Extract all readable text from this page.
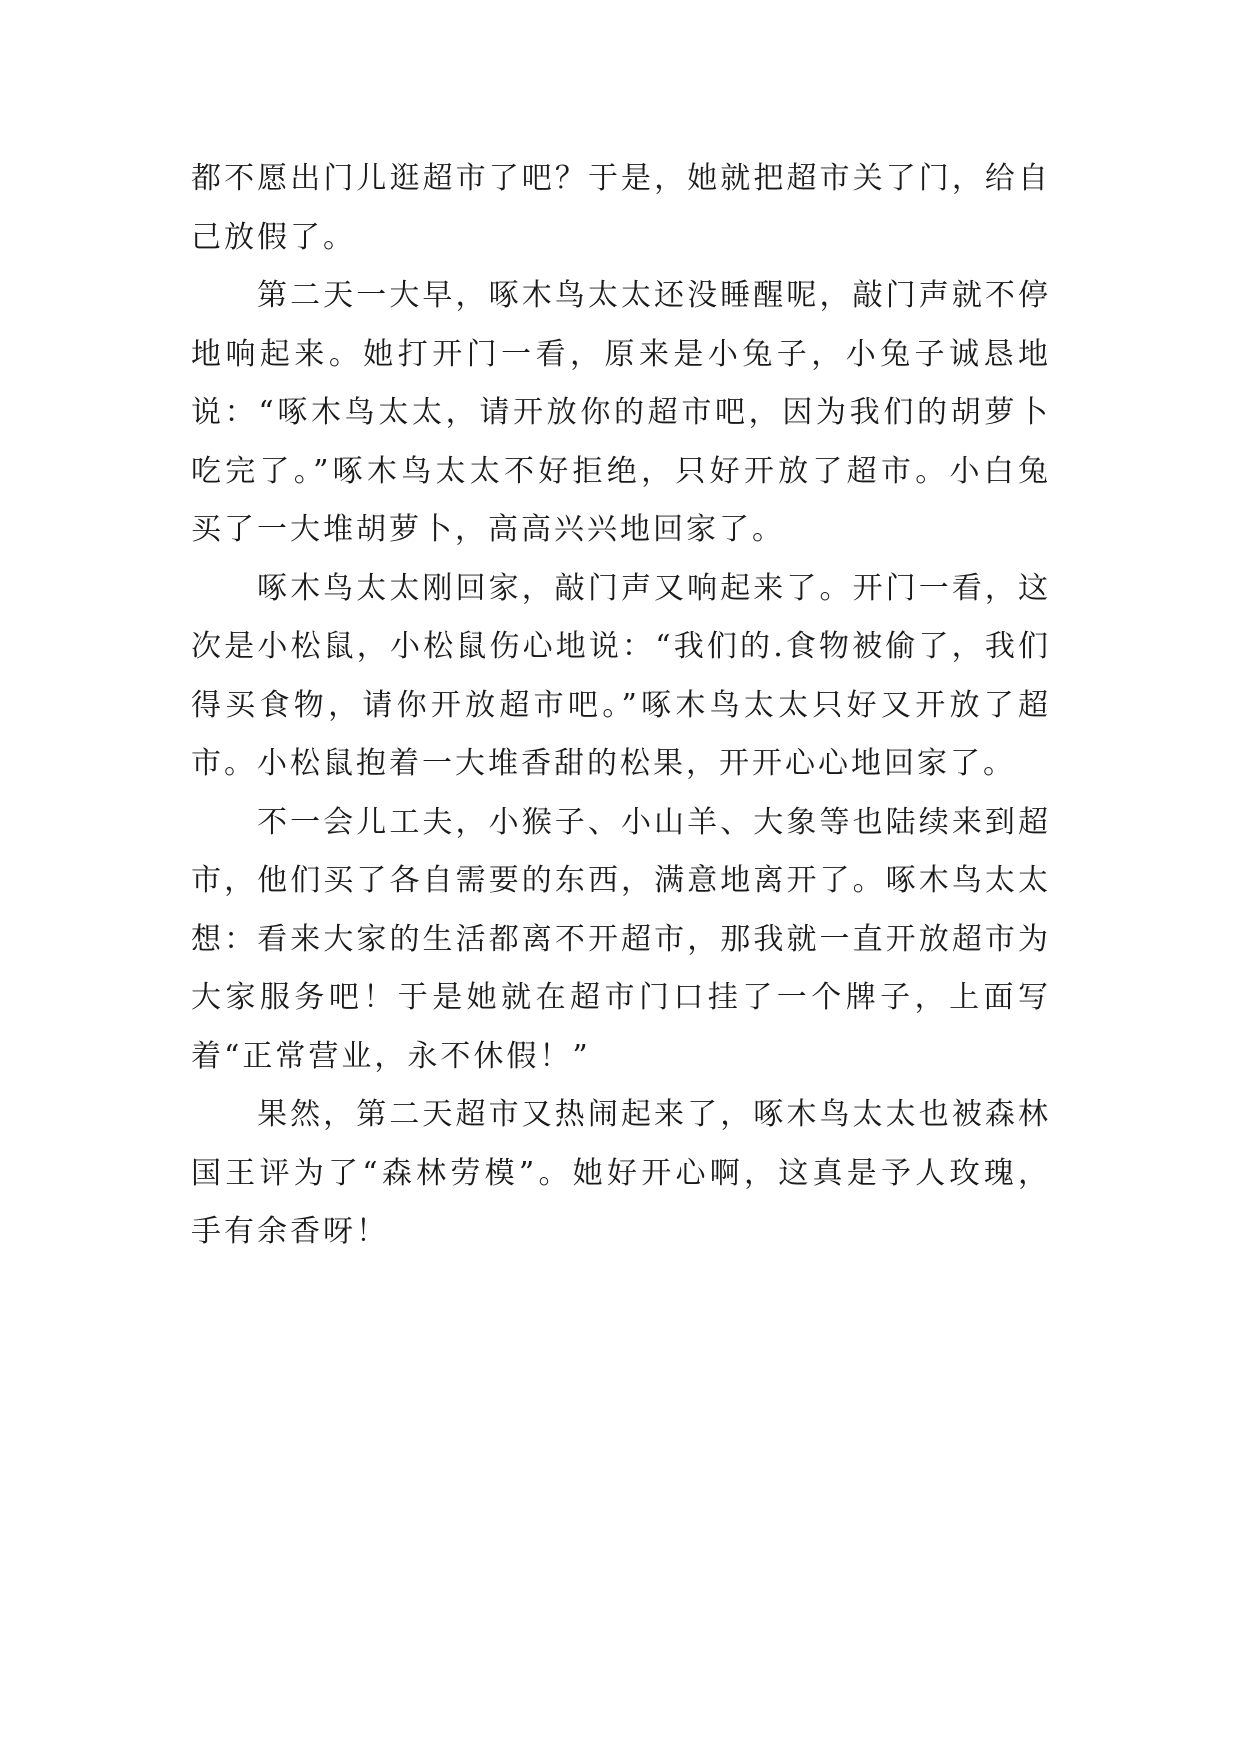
都不愿出门儿逛超市了吧？于是，她就把超市关了门，给自己放假了。

第二天一大早，啄木鸟太太还没睡醒呢，敲门声就不停地响起来。她打开门一看，原来是小兔子，小兔子诚恳地说：“啄木鸟太太，请开放你的超市吧，因为我们的胡萝卜吃完了。”啄木鸟太太不好拒绝，只好开放了超市。小白兔买了一大堆胡萝卜，高高兴兴地回家了。

啄木鸟太太刚回家，敲门声又响起来了。开门一看，这次是小松鼠，小松鼠伤心地说：“我们的.食物被偷了，我们得买食物，请你开放超市吧。”啄木鸟太太只好又开放了超市。小松鼠抱着一大堆香甜的松果，开开心心地回家了。

不一会儿工夫，小猴子、小山羊、大象等也陆续来到超市，他们买了各自需要的东西，满意地离开了。啄木鸟太太想：看来大家的生活都离不开超市，那我就一直开放超市为大家服务吧！于是她就在超市门口挂了一个牌子，上面写着“正常营业，永不休假！”

果然，第二天超市又热闹起来了，啄木鸟太太也被森林国王评为了“森林劳模”。她好开心啊，这真是予人玫瑰，手有余香呀！
